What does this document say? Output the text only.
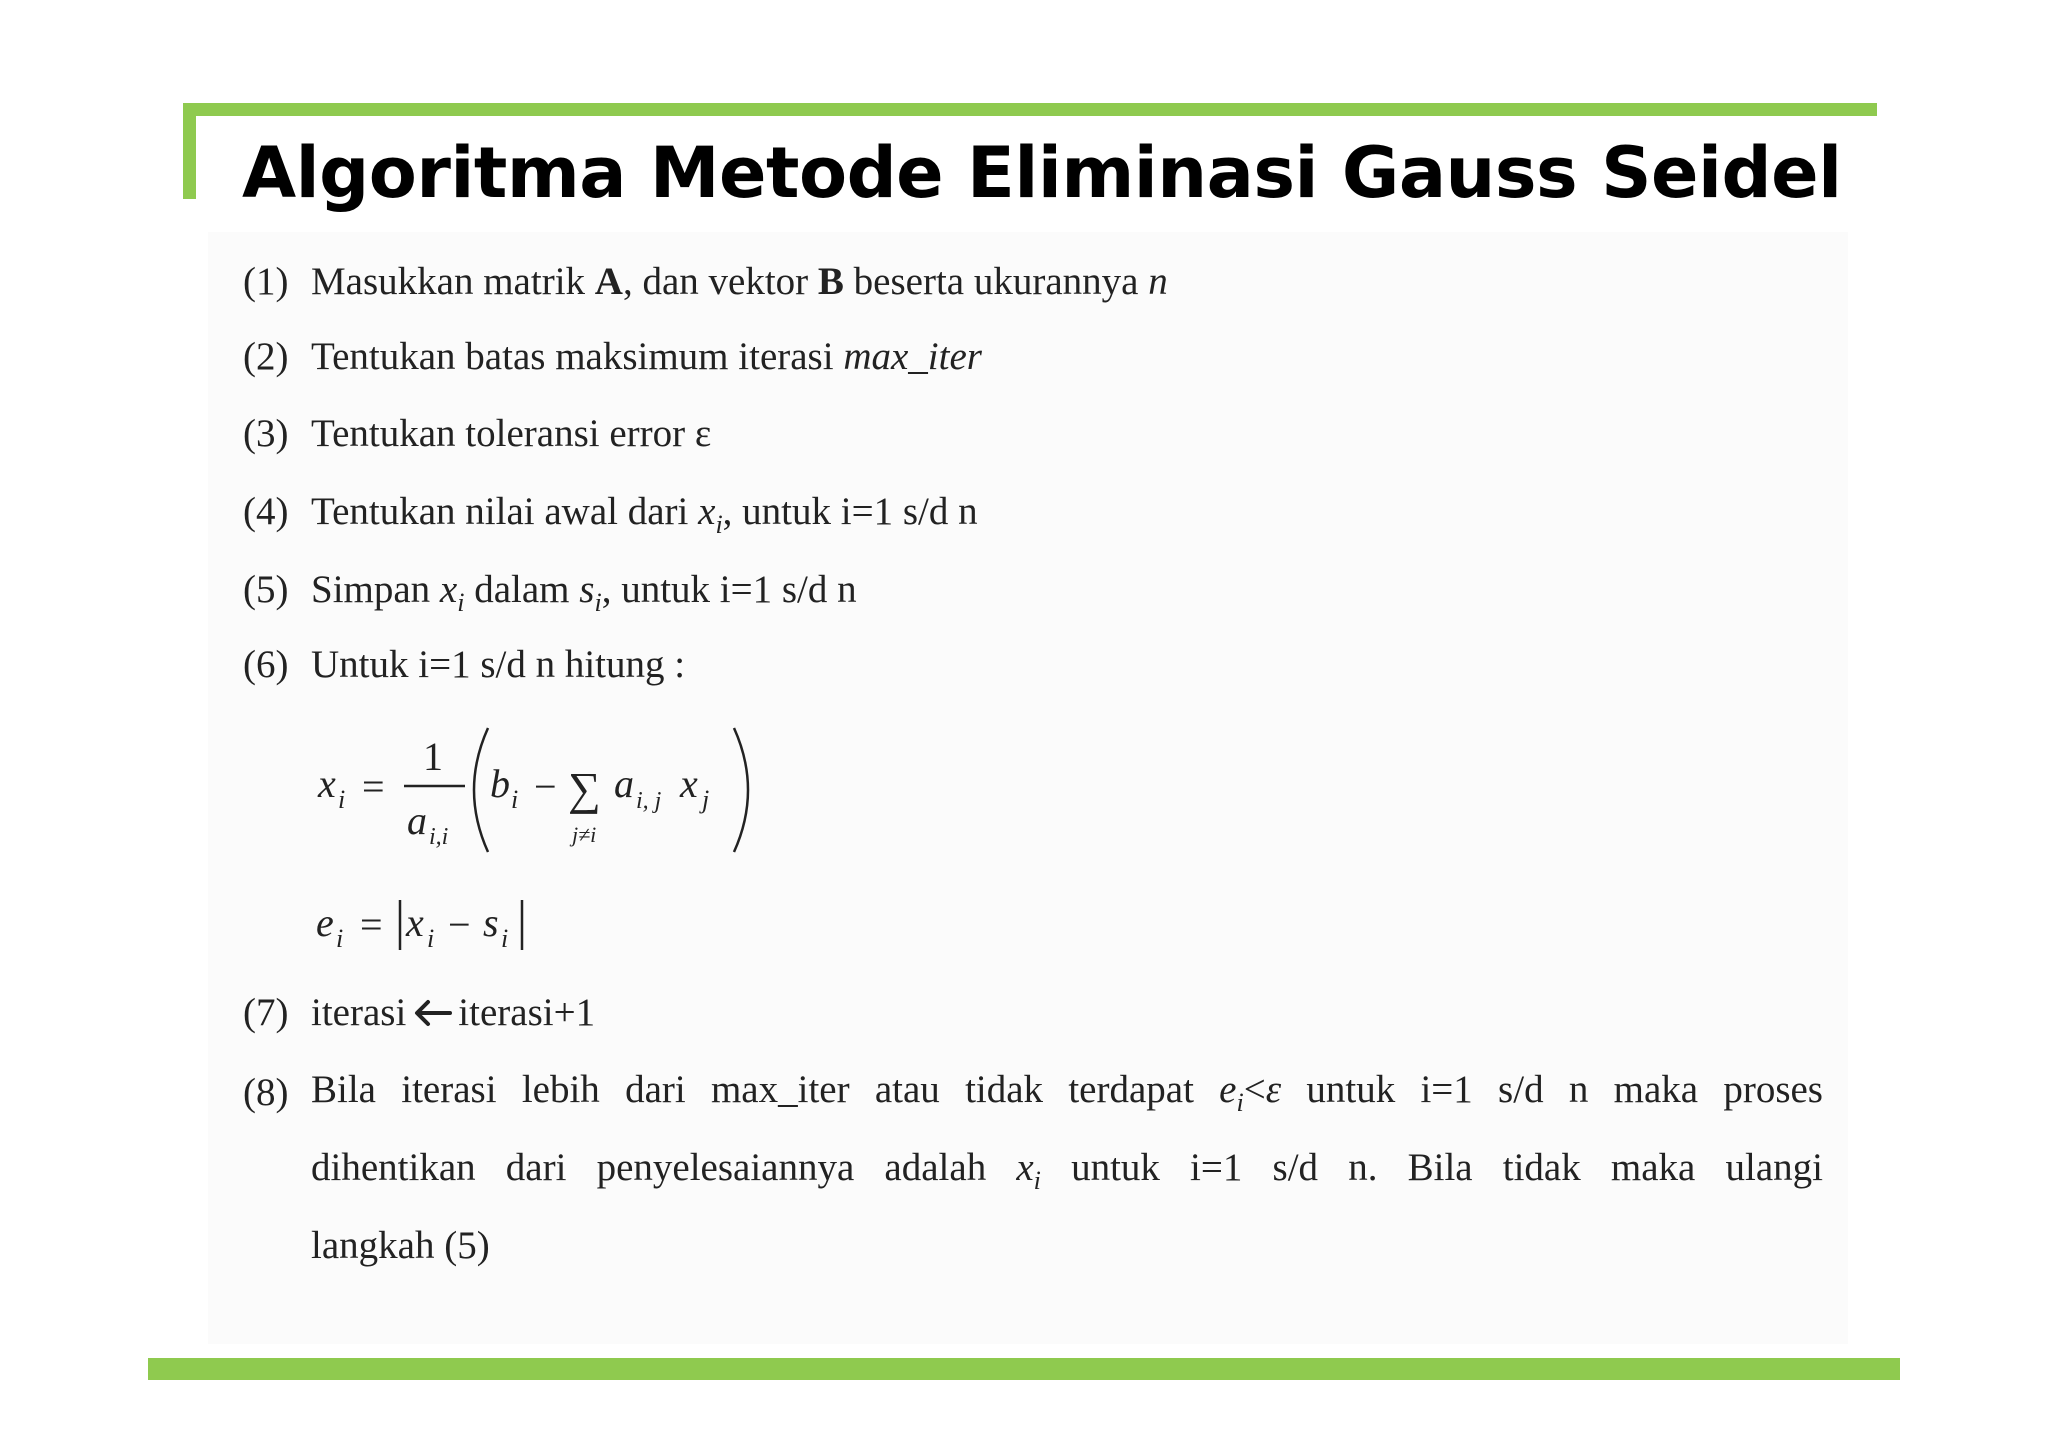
Algoritma Metode Eliminasi Gauss Seidel
(1) Masukkan matrik A, dan vektor B beserta ukurannya n
(2) Tentukan batas maksimum iterasi max_iter
(3) Tentukan toleransi error ε
(4) Tentukan nilai awal dari $x_i$, untuk i=1 s/d n
(5) Simpan $x_i$ dalam $s_i$, untuk i=1 s/d n
(6) Untuk i=1 s/d n hitung :
x i =
1
a i,i
b i − ∑
j≠i
a i, j x j
e i = x i − s i
(7) iterasi iterasi+1
(8) Bila iterasi lebih dari max_iter atau tidak terdapat $e_i<\varepsilon$ untuk i=1 s/d n maka proses
dihentikan dari penyelesaiannya adalah $x_i$ untuk i=1 s/d n. Bila tidak maka ulangi
langkah (5)
